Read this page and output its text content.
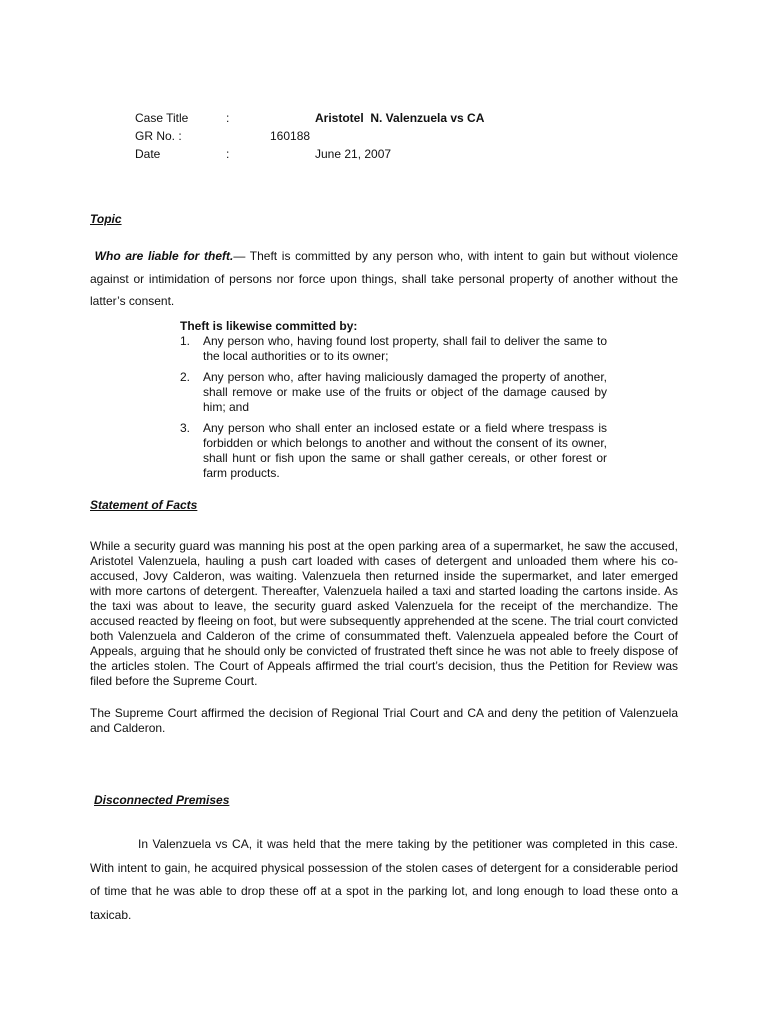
Case Title	:	Aristotel  N. Valenzuela vs CA
GR No. :	160188
Date	:	June 21, 2007
Topic

Who are liable for theft.— Theft is committed by any person who, with intent to gain but without violence against or intimidation of persons nor force upon things, shall take personal property of another without the latter’s consent.

Theft is likewise committed by:
1. Any person who, having found lost property, shall fail to deliver the same to the local authorities or to its owner;
2. Any person who, after having maliciously damaged the property of another, shall remove or make use of the fruits or object of the damage caused by him; and
3. Any person who shall enter an inclosed estate or a field where trespass is forbidden or which belongs to another and without the consent of its owner, shall hunt or fish upon the same or shall gather cereals, or other forest or farm products.
Statement of Facts

While a security guard was manning his post at the open parking area of a supermarket, he saw the accused, Aristotel Valenzuela, hauling a push cart loaded with cases of detergent and unloaded them where his co-accused, Jovy Calderon, was waiting. Valenzuela then returned inside the supermarket, and later emerged with more cartons of detergent. Thereafter, Valenzuela hailed a taxi and started loading the cartons inside. As the taxi was about to leave, the security guard asked Valenzuela for the receipt of the merchandize. The accused reacted by fleeing on foot, but were subsequently apprehended at the scene. The trial court convicted both Valenzuela and Calderon of the crime of consummated theft. Valenzuela appealed before the Court of Appeals, arguing that he should only be convicted of frustrated theft since he was not able to freely dispose of the articles stolen. The Court of Appeals affirmed the trial court’s decision, thus the Petition for Review was filed before the Supreme Court.

The Supreme Court affirmed the decision of Regional Trial Court and CA and deny the petition of Valenzuela and Calderon.

Disconnected Premises

In Valenzuela vs CA, it was held that the mere taking by the petitioner was completed in this case. With intent to gain, he acquired physical possession of the stolen cases of detergent for a considerable period of time that he was able to drop these off at a spot in the parking lot, and long enough to load these onto a taxicab.
